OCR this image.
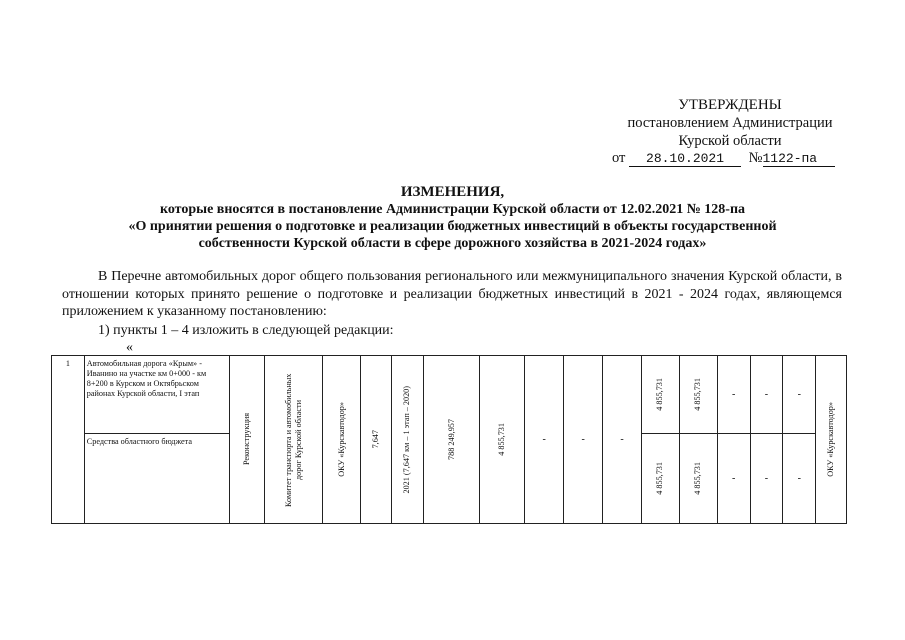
УТВЕРЖДЕНЫ
постановлением Администрации
Курской области
от 28.10.2021 №1122-па
ИЗМЕНЕНИЯ,
которые вносятся в постановление Администрации Курской области от 12.02.2021 № 128-па
«О принятии решения о подготовке и реализации бюджетных инвестиций в объекты государственной
собственности Курской области в сфере дорожного хозяйства в 2021-2024 годах»
В Перечне автомобильных дорог общего пользования регионального или межмуниципального значения Курской области, в отношении которых принято решение о подготовке и реализации бюджетных инвестиций в 2021 - 2024 годах, являющемся приложением к указанному постановлению:
1) пункты 1 – 4 изложить в следующей редакции:
«
1	Автомобильная дорога «Крым» - Иванино на участке км 0+000 - км 8+200 в Курском и Октябрьском районах Курской области, I этап	Реконструкция	Комитет транспорта и автомобильных дорог Курской области	ОКУ «Курскавтодор»	7,647	2021 (7,647 км – 1 этап – 2020)	788 249,957	4 855,731	-	-	-	4 855,731	4 855,731	-	-	-	ОКУ «Курскавтодор»

	Средства областного бюджета											4 855,731	4 855,731	-	-	-	
